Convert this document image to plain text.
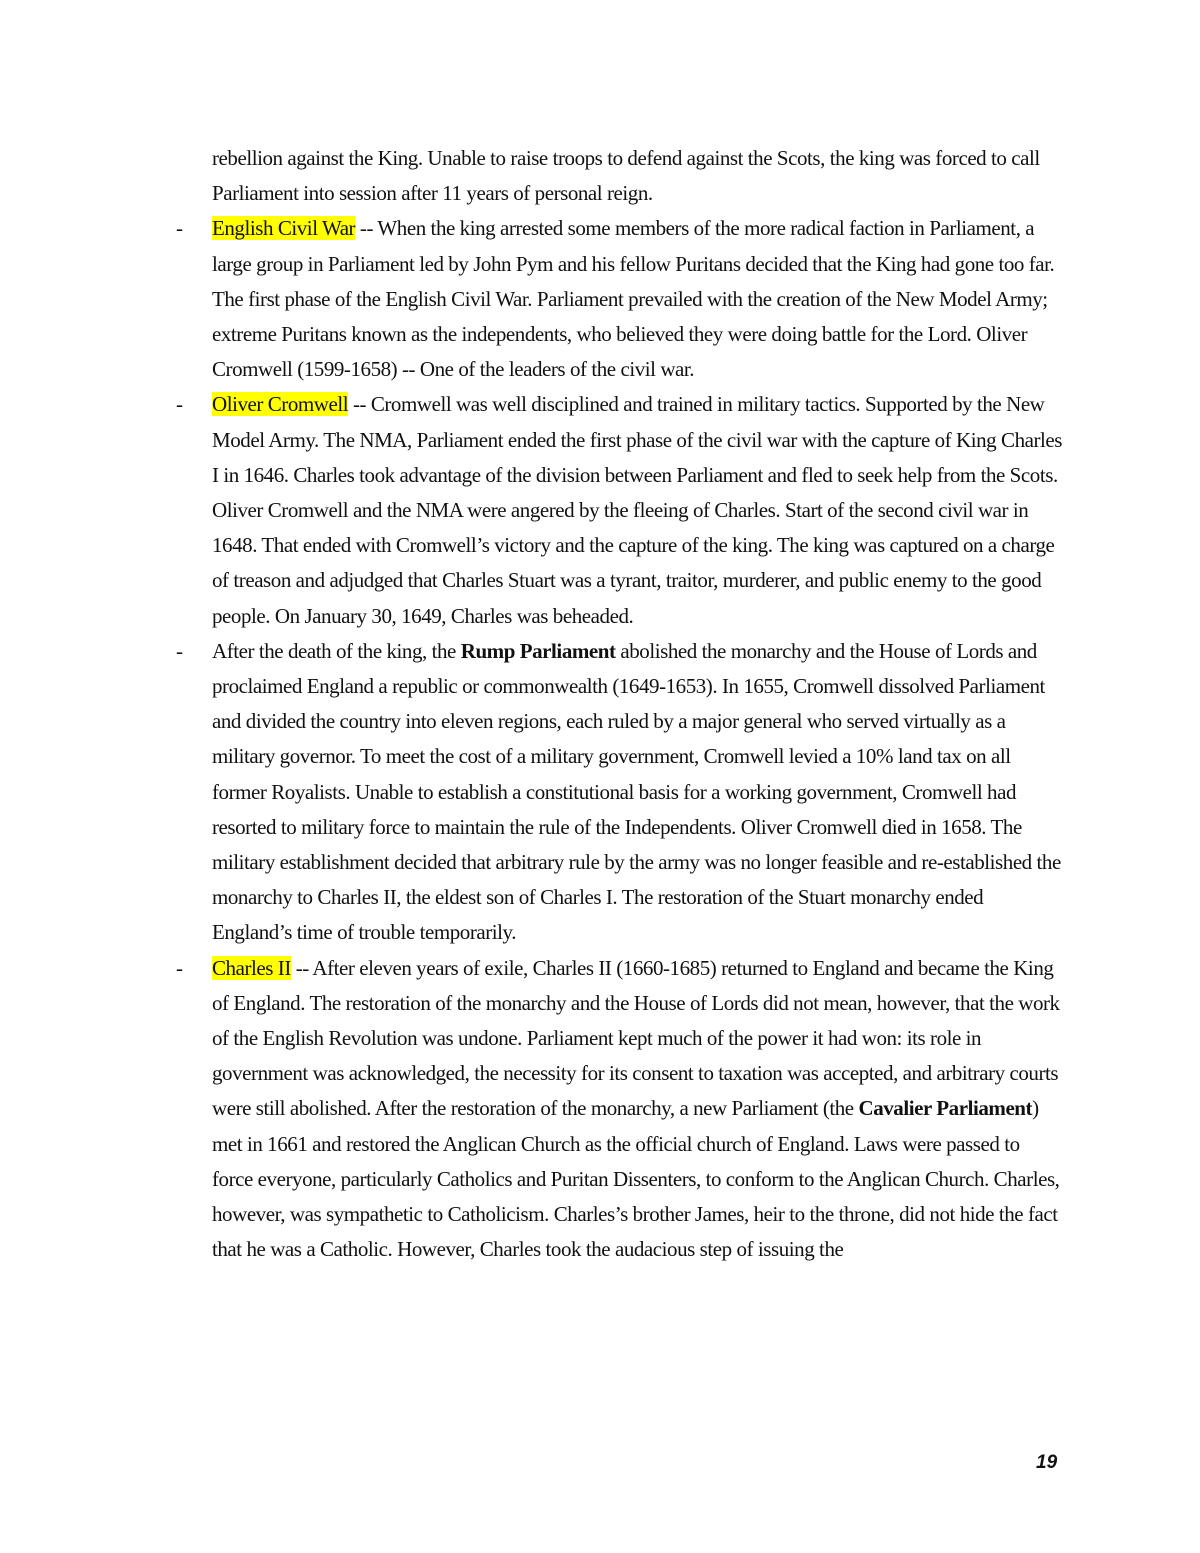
rebellion against the King. Unable to raise troops to defend against the Scots, the king was forced to call Parliament into session after 11 years of personal reign.

- English Civil War -- When the king arrested some members of the more radical faction in Parliament, a large group in Parliament led by John Pym and his fellow Puritans decided that the King had gone too far. The first phase of the English Civil War. Parliament prevailed with the creation of the New Model Army; extreme Puritans known as the independents, who believed they were doing battle for the Lord. Oliver Cromwell (1599-1658) -- One of the leaders of the civil war.

- Oliver Cromwell -- Cromwell was well disciplined and trained in military tactics. Supported by the New Model Army. The NMA, Parliament ended the first phase of the civil war with the capture of King Charles I in 1646. Charles took advantage of the division between Parliament and fled to seek help from the Scots. Oliver Cromwell and the NMA were angered by the fleeing of Charles. Start of the second civil war in 1648. That ended with Cromwell’s victory and the capture of the king. The king was captured on a charge of treason and adjudged that Charles Stuart was a tyrant, traitor, murderer, and public enemy to the good people. On January 30, 1649, Charles was beheaded.

- After the death of the king, the Rump Parliament abolished the monarchy and the House of Lords and proclaimed England a republic or commonwealth (1649-1653). In 1655, Cromwell dissolved Parliament and divided the country into eleven regions, each ruled by a major general who served virtually as a military governor. To meet the cost of a military government, Cromwell levied a 10% land tax on all former Royalists. Unable to establish a constitutional basis for a working government, Cromwell had resorted to military force to maintain the rule of the Independents. Oliver Cromwell died in 1658. The military establishment decided that arbitrary rule by the army was no longer feasible and re-established the monarchy to Charles II, the eldest son of Charles I. The restoration of the Stuart monarchy ended England’s time of trouble temporarily.

- Charles II -- After eleven years of exile, Charles II (1660-1685) returned to England and became the King of England. The restoration of the monarchy and the House of Lords did not mean, however, that the work of the English Revolution was undone. Parliament kept much of the power it had won: its role in government was acknowledged, the necessity for its consent to taxation was accepted, and arbitrary courts were still abolished. After the restoration of the monarchy, a new Parliament (the Cavalier Parliament) met in 1661 and restored the Anglican Church as the official church of England. Laws were passed to force everyone, particularly Catholics and Puritan Dissenters, to conform to the Anglican Church. Charles, however, was sympathetic to Catholicism. Charles’s brother James, heir to the throne, did not hide the fact that he was a Catholic. However, Charles took the audacious step of issuing the

19
